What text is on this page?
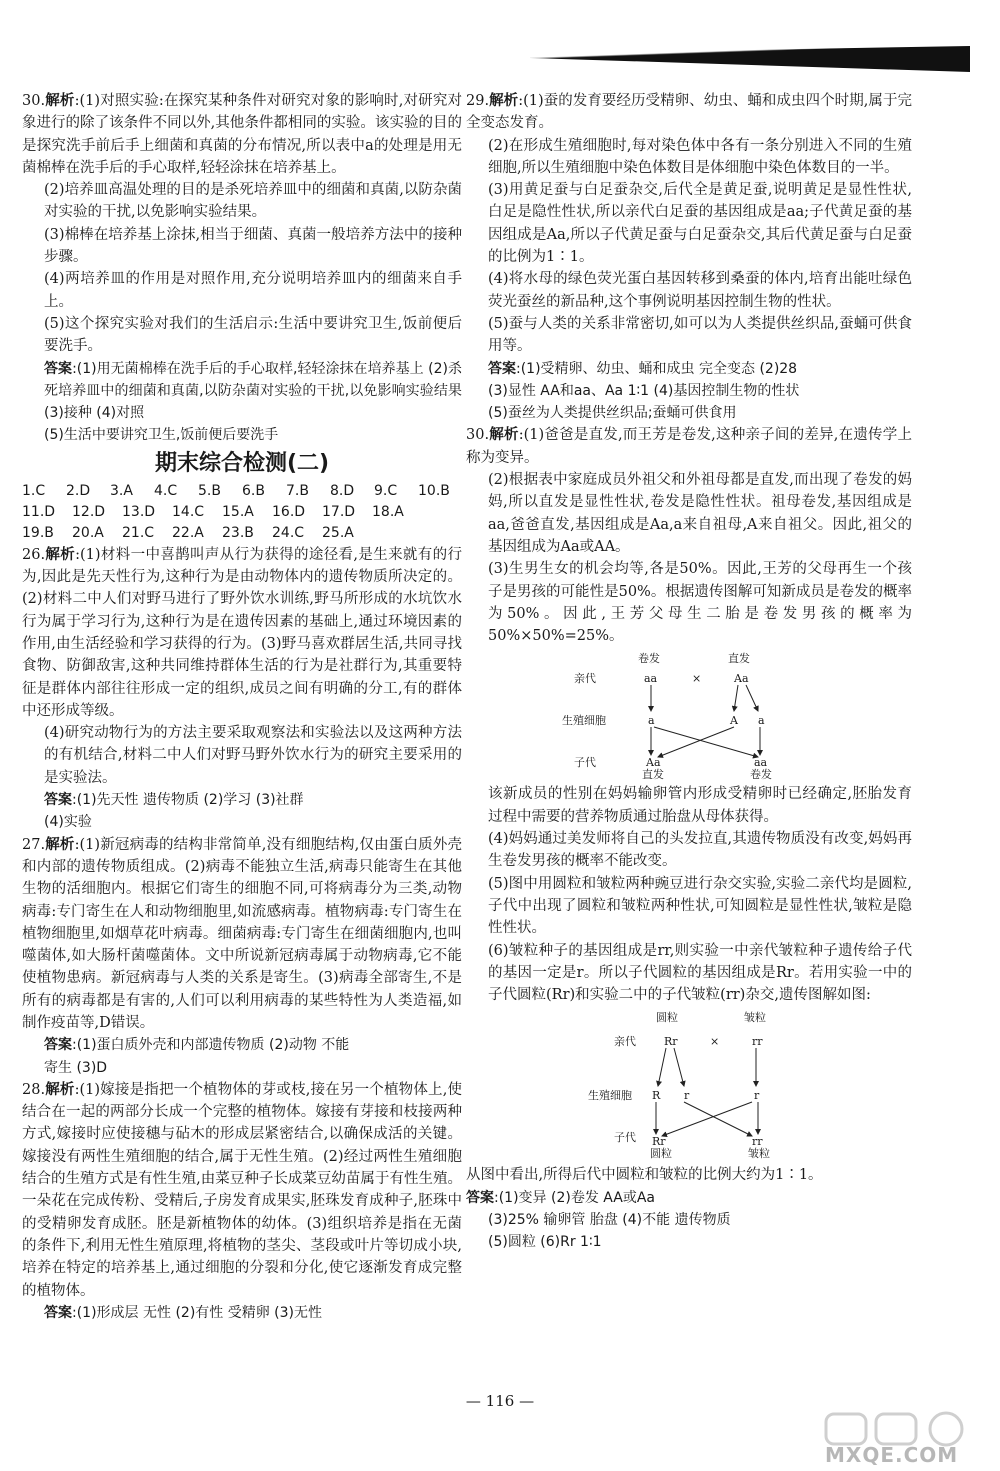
30.解析:(1)对照实验:在探究某种条件对研究对象的影响时,对研究对象进行的除了该条件不同以外,其他条件都相同的实验。该实验的目的是探究洗手前后手上细菌和真菌的分布情况,所以表中a的处理是用无菌棉棒在洗手后的手心取样,轻轻涂抹在培养基上。

(2)培养皿高温处理的目的是杀死培养皿中的细菌和真菌,以防杂菌对实验的干扰,以免影响实验结果。

(3)棉棒在培养基上涂抹,相当于细菌、真菌一般培养方法中的接种步骤。

(4)两培养皿的作用是对照作用,充分说明培养皿内的细菌来自手上。

(5)这个探究实验对我们的生活启示:生活中要讲究卫生,饭前便后要洗手。

答案:(1)用无菌棉棒在洗手后的手心取样,轻轻涂抹在培养基上 (2)杀死培养皿中的细菌和真菌,以防杂菌对实验的干扰,以免影响实验结果 (3)接种 (4)对照

(5)生活中要讲究卫生,饭前便后要洗手

期末综合检测(二)
1.C	2.D	3.A	4.C	5.B	6.B	7.B	8.D	9.C	10.B
11.D	12.D	13.D	14.C	15.A	16.D	17.D	18.A
19.B	20.A	21.C	22.A	23.B	24.C	25.A

26.解析:(1)材料一中喜鹊叫声从行为获得的途径看,是生来就有的行为,因此是先天性行为,这种行为是由动物体内的遗传物质所决定的。(2)材料二中人们对野马进行了野外饮水训练,野马所形成的水坑饮水行为属于学习行为,这种行为是在遗传因素的基础上,通过环境因素的作用,由生活经验和学习获得的行为。(3)野马喜欢群居生活,共同寻找食物、防御敌害,这种共同维持群体生活的行为是社群行为,其重要特征是群体内部往往形成一定的组织,成员之间有明确的分工,有的群体中还形成等级。

(4)研究动物行为的方法主要采取观察法和实验法以及这两种方法的有机结合,材料二中人们对野马野外饮水行为的研究主要采用的是实验法。

答案:(1)先天性 遗传物质 (2)学习 (3)社群

(4)实验

27.解析:(1)新冠病毒的结构非常简单,没有细胞结构,仅由蛋白质外壳和内部的遗传物质组成。(2)病毒不能独立生活,病毒只能寄生在其他生物的活细胞内。根据它们寄生的细胞不同,可将病毒分为三类,动物病毒:专门寄生在人和动物细胞里,如流感病毒。植物病毒:专门寄生在植物细胞里,如烟草花叶病毒。细菌病毒:专门寄生在细菌细胞内,也叫噬菌体,如大肠杆菌噬菌体。文中所说新冠病毒属于动物病毒,它不能使植物患病。新冠病毒与人类的关系是寄生。(3)病毒全部寄生,不是所有的病毒都是有害的,人们可以利用病毒的某些特性为人类造福,如制作疫苗等,D错误。

答案:(1)蛋白质外壳和内部遗传物质 (2)动物 不能

寄生 (3)D

28.解析:(1)嫁接是指把一个植物体的芽或枝,接在另一个植物体上,使结合在一起的两部分长成一个完整的植物体。嫁接有芽接和枝接两种方式,嫁接时应使接穗与砧木的形成层紧密结合,以确保成活的关键。嫁接没有两性生殖细胞的结合,属于无性生殖。(2)经过两性生殖细胞结合的生殖方式是有性生殖,由菜豆种子长成菜豆幼苗属于有性生殖。一朵花在完成传粉、受精后,子房发育成果实,胚珠发育成种子,胚珠中的受精卵发育成胚。胚是新植物体的幼体。(3)组织培养是指在无菌的条件下,利用无性生殖原理,将植物的茎尖、茎段或叶片等切成小块,培养在特定的培养基上,通过细胞的分裂和分化,使它逐渐发育成完整的植物体。

答案:(1)形成层 无性 (2)有性 受精卵 (3)无性

29.解析:(1)蚕的发育要经历受精卵、幼虫、蛹和成虫四个时期,属于完全变态发育。

(2)在形成生殖细胞时,每对染色体中各有一条分别进入不同的生殖细胞,所以生殖细胞中染色体数目是体细胞中染色体数目的一半。

(3)用黄足蚕与白足蚕杂交,后代全是黄足蚕,说明黄足是显性性状,白足是隐性性状,所以亲代白足蚕的基因组成是aa;子代黄足蚕的基因组成是Aa,所以子代黄足蚕与白足蚕杂交,其后代黄足蚕与白足蚕的比例为1∶1。

(4)将水母的绿色荧光蛋白基因转移到桑蚕的体内,培育出能吐绿色荧光蚕丝的新品种,这个事例说明基因控制生物的性状。

(5)蚕与人类的关系非常密切,如可以为人类提供丝织品,蚕蛹可供食用等。

答案:(1)受精卵、幼虫、蛹和成虫 完全变态 (2)28

(3)显性 AA和aa、Aa 1∶1 (4)基因控制生物的性状

(5)蚕丝为人类提供丝织品;蚕蛹可供食用

30.解析:(1)爸爸是直发,而王芳是卷发,这种亲子间的差异,在遗传学上称为变异。

(2)根据表中家庭成员外祖父和外祖母都是直发,而出现了卷发的妈妈,所以直发是显性性状,卷发是隐性性状。祖母卷发,基因组成是aa,爸爸直发,基因组成是Aa,a来自祖母,A来自祖父。因此,祖父的基因组成为Aa或AA。

(3)生男生女的机会均等,各是50%。因此,王芳的父母再生一个孩子是男孩的可能性是50%。根据遗传图解可知新成员是卷发的概率为50%。因此,王芳父母生二胎是卷发男孩的概率为50%×50%=25%。

卷发	直发
亲代	aa	×	Aa
生殖细胞	a	A a
子代	Aa	aa
直发	卷发

该新成员的性别在妈妈输卵管内形成受精卵时已经确定,胚胎发育过程中需要的营养物质通过胎盘从母体获得。

(4)妈妈通过美发师将自己的头发拉直,其遗传物质没有改变,妈妈再生卷发男孩的概率不能改变。

(5)图中用圆粒和皱粒两种豌豆进行杂交实验,实验二亲代均是圆粒,子代中出现了圆粒和皱粒两种性状,可知圆粒是显性性状,皱粒是隐性性状。

(6)皱粒种子的基因组成是rr,则实验一中亲代皱粒种子遗传给子代的基因一定是r。所以子代圆粒的基因组成是Rr。若用实验一中的子代圆粒(Rr)和实验二中的子代皱粒(rr)杂交,遗传图解如图:

圆粒	皱粒
亲代	Rr	×	rr
生殖细胞 R r	r
子代 Rr	rr
圆粒	皱粒

从图中看出,所得后代中圆粒和皱粒的比例大约为1∶1。

答案:(1)变异 (2)卷发 AA或Aa

(3)25% 输卵管 胎盘 (4)不能 遗传物质

(5)圆粒 (6)Rr 1∶1

— 116 —
MXQE.COM
